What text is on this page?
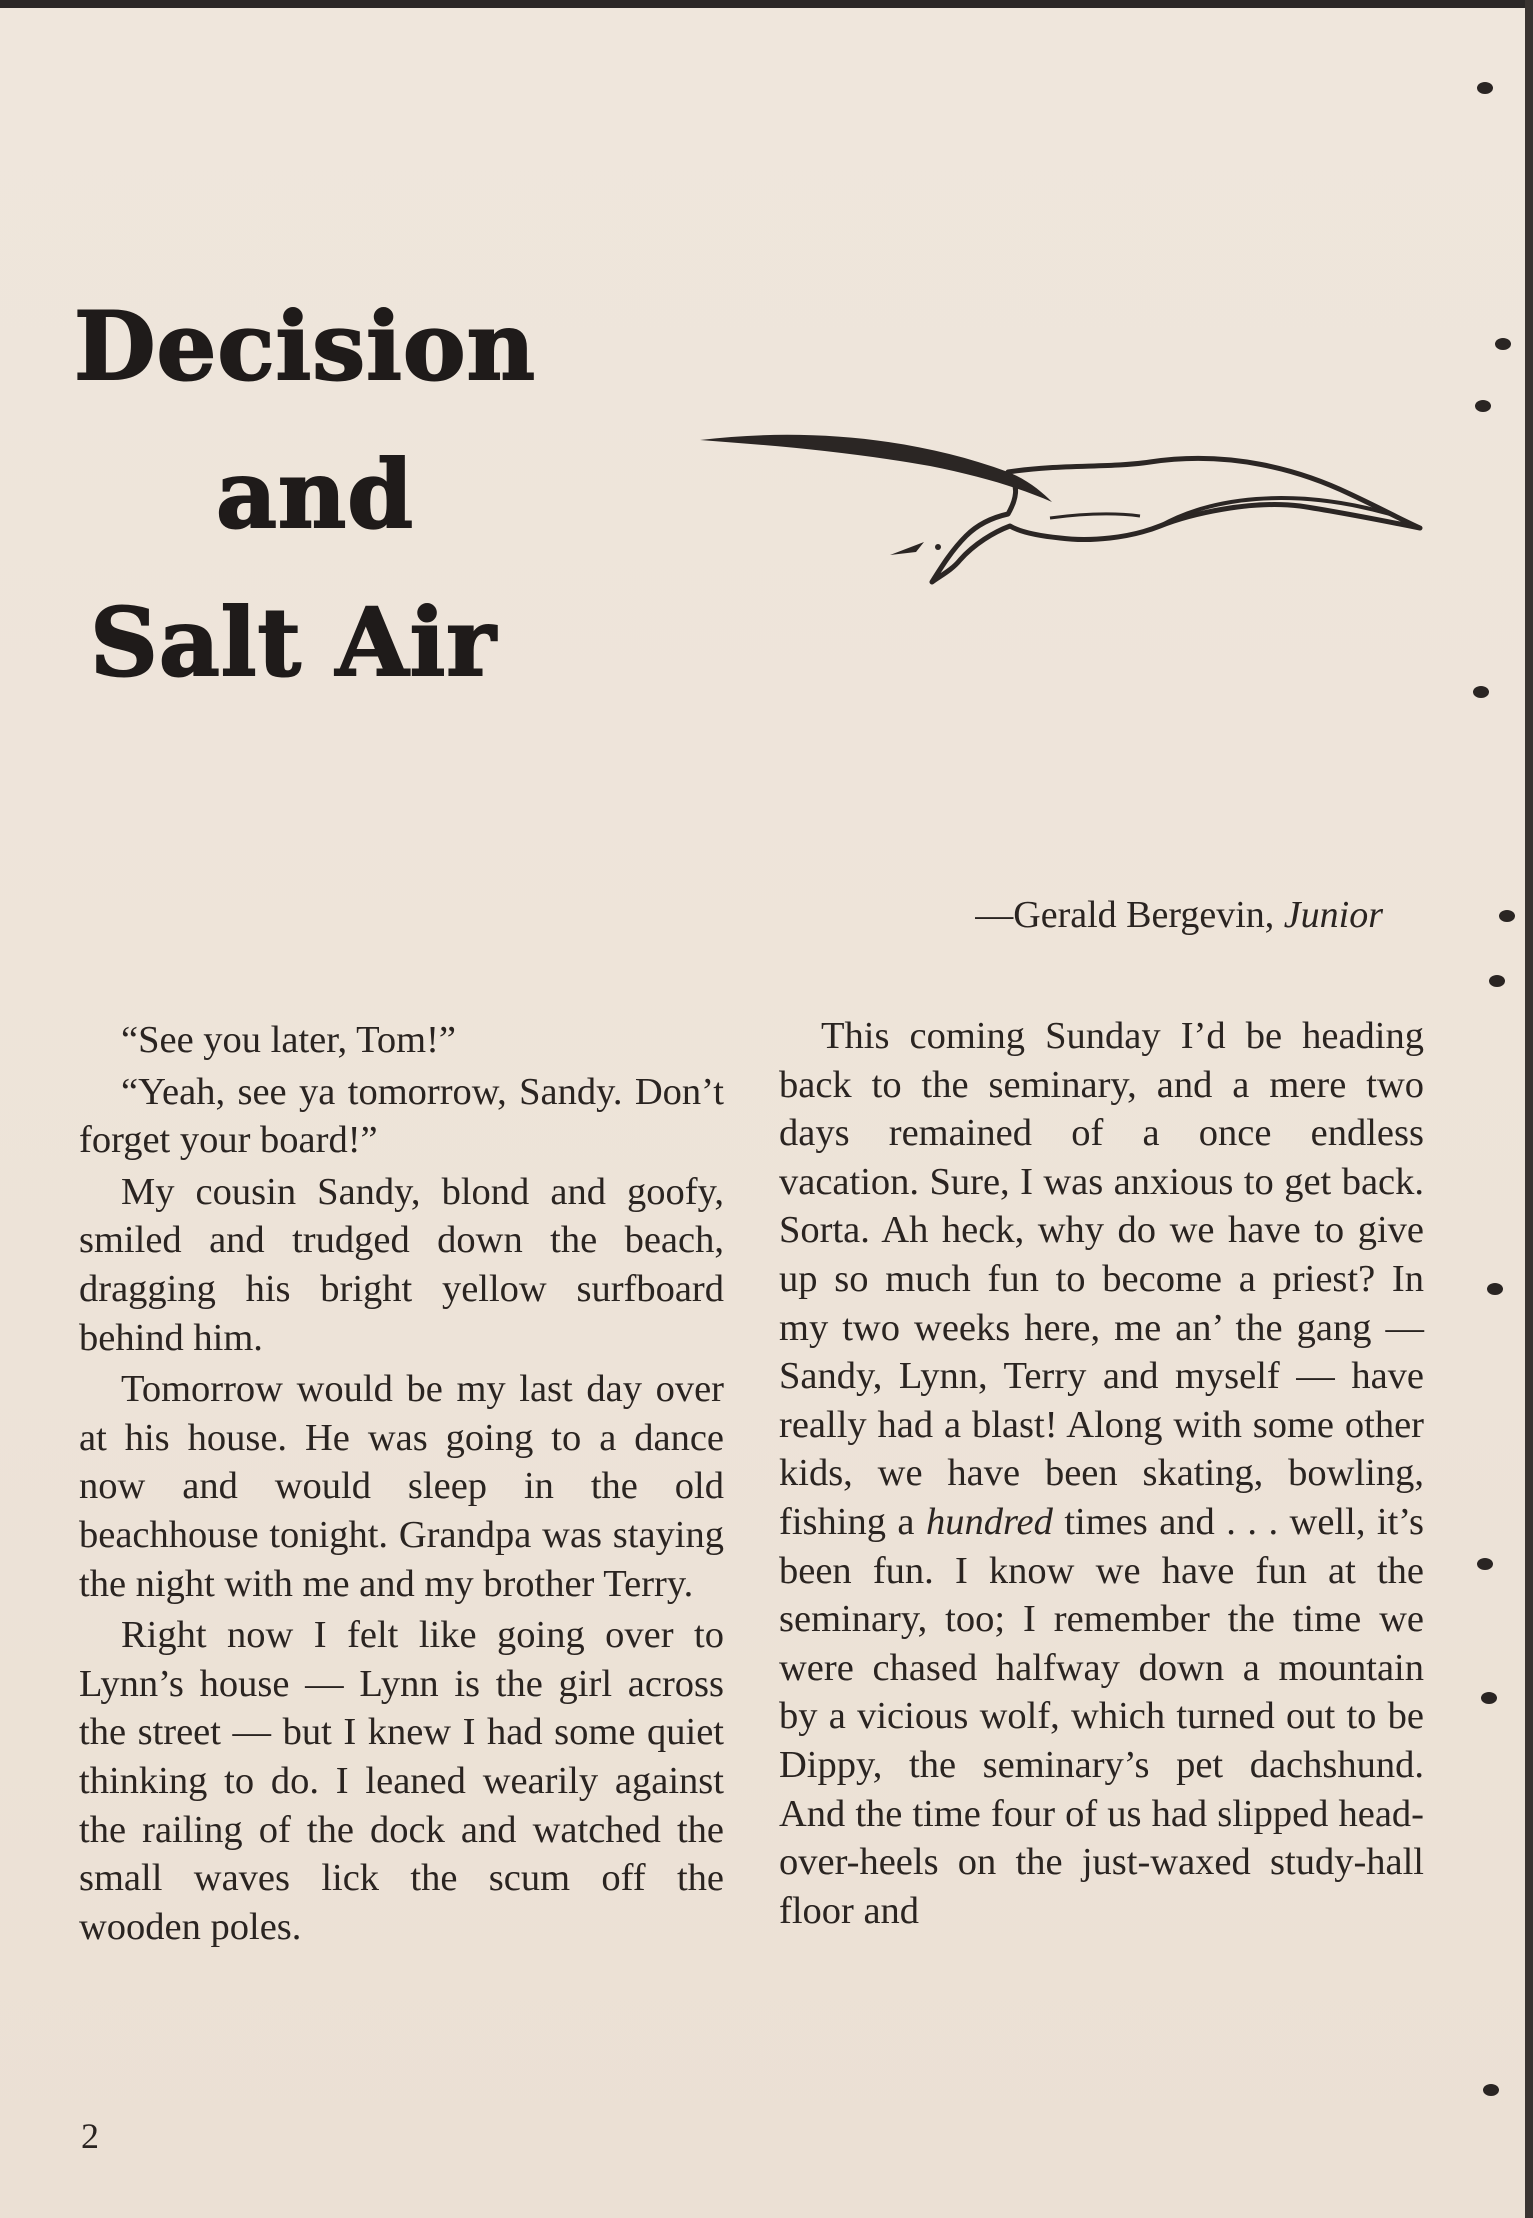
Decision
and
Salt Air

—Gerald Bergevin, Junior

“See you later, Tom!”

“Yeah, see ya tomorrow, Sandy. Don’t forget your board!”

My cousin Sandy, blond and goofy, smiled and trudged down the beach, dragging his bright yellow surfboard behind him.

Tomorrow would be my last day over at his house. He was going to a dance now and would sleep in the old beachhouse tonight. Grandpa was staying the night with me and my brother Terry.

Right now I felt like going over to Lynn’s house — Lynn is the girl across the street — but I knew I had some quiet thinking to do. I leaned wearily against the railing of the dock and watched the small waves lick the scum off the wooden poles.

This coming Sunday I’d be heading back to the seminary, and a mere two days remained of a once endless vacation. Sure, I was anxious to get back. Sorta. Ah heck, why do we have to give up so much fun to become a priest? In my two weeks here, me an’ the gang — Sandy, Lynn, Terry and myself — have really had a blast! Along with some other kids, we have been skating, bowling, fishing a hundred times and . . . well, it’s been fun. I know we have fun at the seminary, too; I remember the time we were chased halfway down a mountain by a vicious wolf, which turned out to be Dippy, the seminary’s pet dachshund. And the time four of us had slipped head-over-heels on the just-waxed study-hall floor and

2
